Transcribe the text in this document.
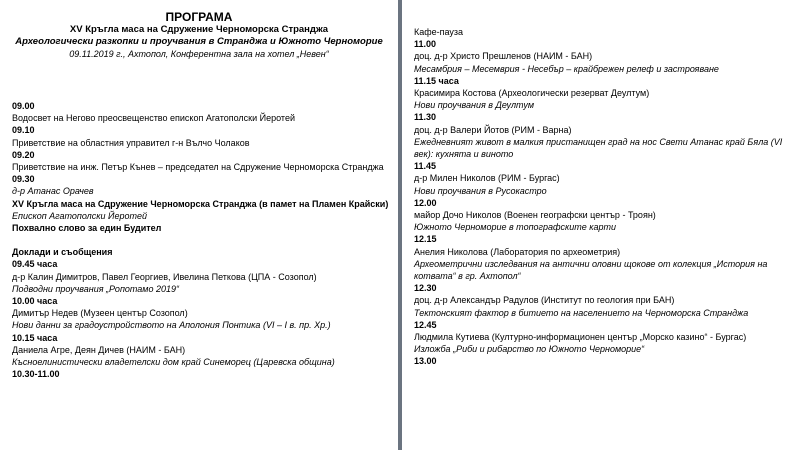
ПРОГРАМА
XV Кръгла маса на Сдружение Черноморска Странджа
Археологически разкопки и проучвания в Странджа и Южното Черноморие
09.11.2019 г., Ахтопол, Конферентна зала на хотел „Невен“
09.00
Водосвет на Негово преосвещенство епископ Агатополски Йеротей
09.10
Приветствие на областния управител г-н Вълчо Чолаков
09.20
Приветствие на инж. Петър Кънев – председател на Сдружение Черноморска Странджа
09.30
д-р Атанас Орачев
XV Кръгла маса на Сдружение Черноморска Странджа (в памет на Пламен Крайски)
Епископ Агатополски Йеротей
Похвално слово за един Будител
Доклади и съобщения
09.45 часа
д-р Калин Димитров, Павел Георгиев, Ивелина Петкова (ЦПА - Созопол)
Подводни проучвания „Ропотамо 2019“
10.00 часа
Димитър Недев (Музеен център Созопол)
Нови данни за градоустройството на Аполония Понтика (VI – I в. пр. Хр.)
10.15 часа
Даниела Агре, Деян Дичев (НАИМ - БАН)
Късноелинистически владетелски дом край Синеморец (Царевска община)
10.30-11.00
Кафе-пауза
11.00
доц. д-р Христо Прешленов (НАИМ - БАН)
Месамбрия – Месемврия - Несебър – крайбрежен релеф и застрояване
11.15 часа
Красимира Костова (Археологически резерват Деултум)
Нови проучвания в Деултум
11.30
доц. д-р Валери Йотов (РИМ - Варна)
Ежедневният живот в малкия пристанищен град на нос Свети Атанас край Бяла (VI век): кухнята и виното
11.45
д-р Милен Николов (РИМ - Бургас)
Нови проучвания в Русокастро
12.00
майор Дочо Николов (Военен географски център - Троян)
Южното Черноморие в топографските карти
12.15
Анелия Николова (Лаборатория по археометрия)
Археометрични изследвания на антични оловни щокове от колекция „История на котвата“ в гр. Ахтопол“
12.30
доц. д-р Александър Радулов (Институт по геология при БАН)
Тектонският фактор в битието на населението на Черноморска Странджа
12.45
Людмила Кутиева (Културно-информационен център „Морско казино“ - Бургас)
Изложба „Риби и рибарство по Южното Черноморие“
13.00
